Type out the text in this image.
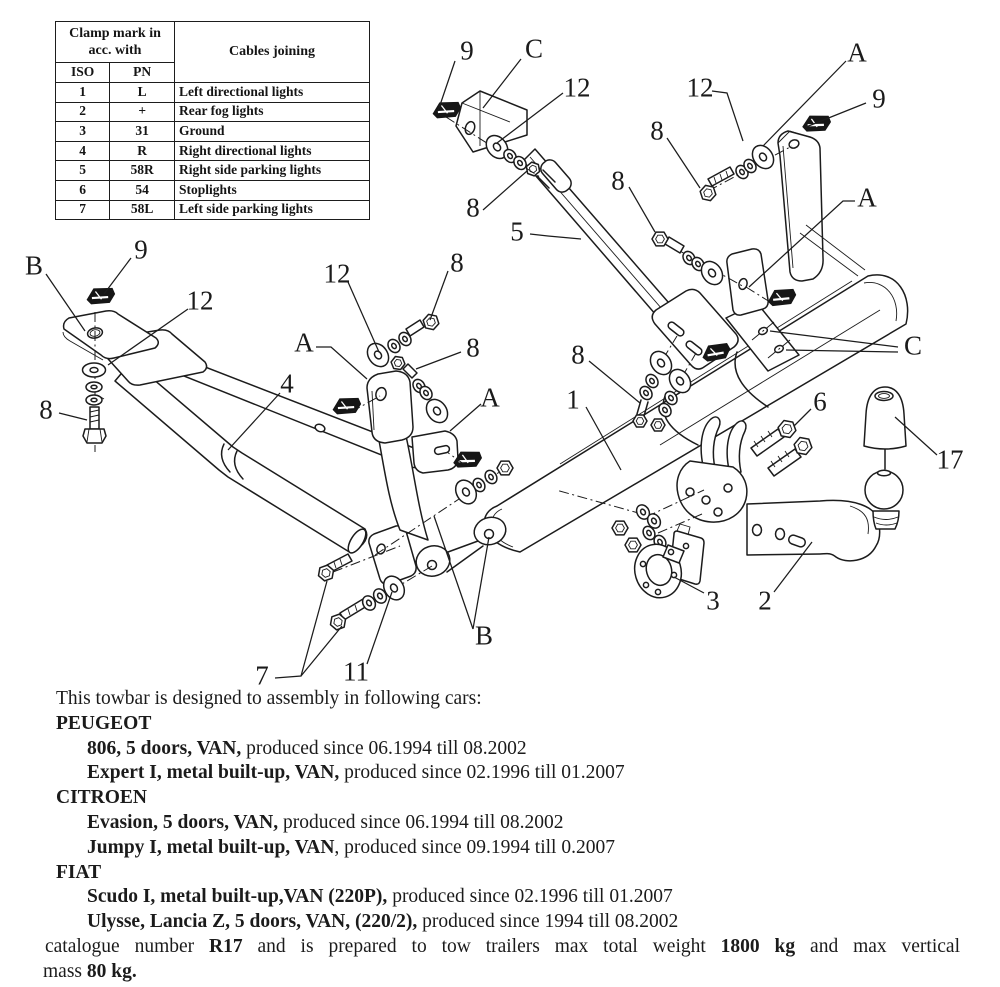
9 C
12	12
A
9
8
8
8
5
A
B
9
12
12	8
A	8
8
4	A
8
1
C
6
17
3 2
7	11
B
Clamp mark in acc. with		Cables joining
ISO	PN	
1	L	Left directional lights
2	+	Rear fog lights
3	31	Ground
4	R	Right directional lights
5	58R	Right side parking lights
6	54	Stoplights
7	58L	Left side parking lights
This towbar is designed to assembly in following cars:
PEUGEOT
806, 5 doors, VAN, produced since 06.1994 till 08.2002
Expert I, metal built-up, VAN, produced since 02.1996 till 01.2007
CITROEN
Evasion, 5 doors, VAN, produced since 06.1994 till 08.2002
Jumpy I, metal built-up, VAN, produced since 09.1994 till 0.2007
FIAT
Scudo I, metal built-up,VAN (220P), produced since 02.1996 till 01.2007
Ulysse, Lancia Z, 5 doors, VAN, (220/2), produced since 1994 till 08.2002
catalogue number R17 and is prepared to tow trailers max total weight 1800 kg and max vertical
mass 80 kg.
